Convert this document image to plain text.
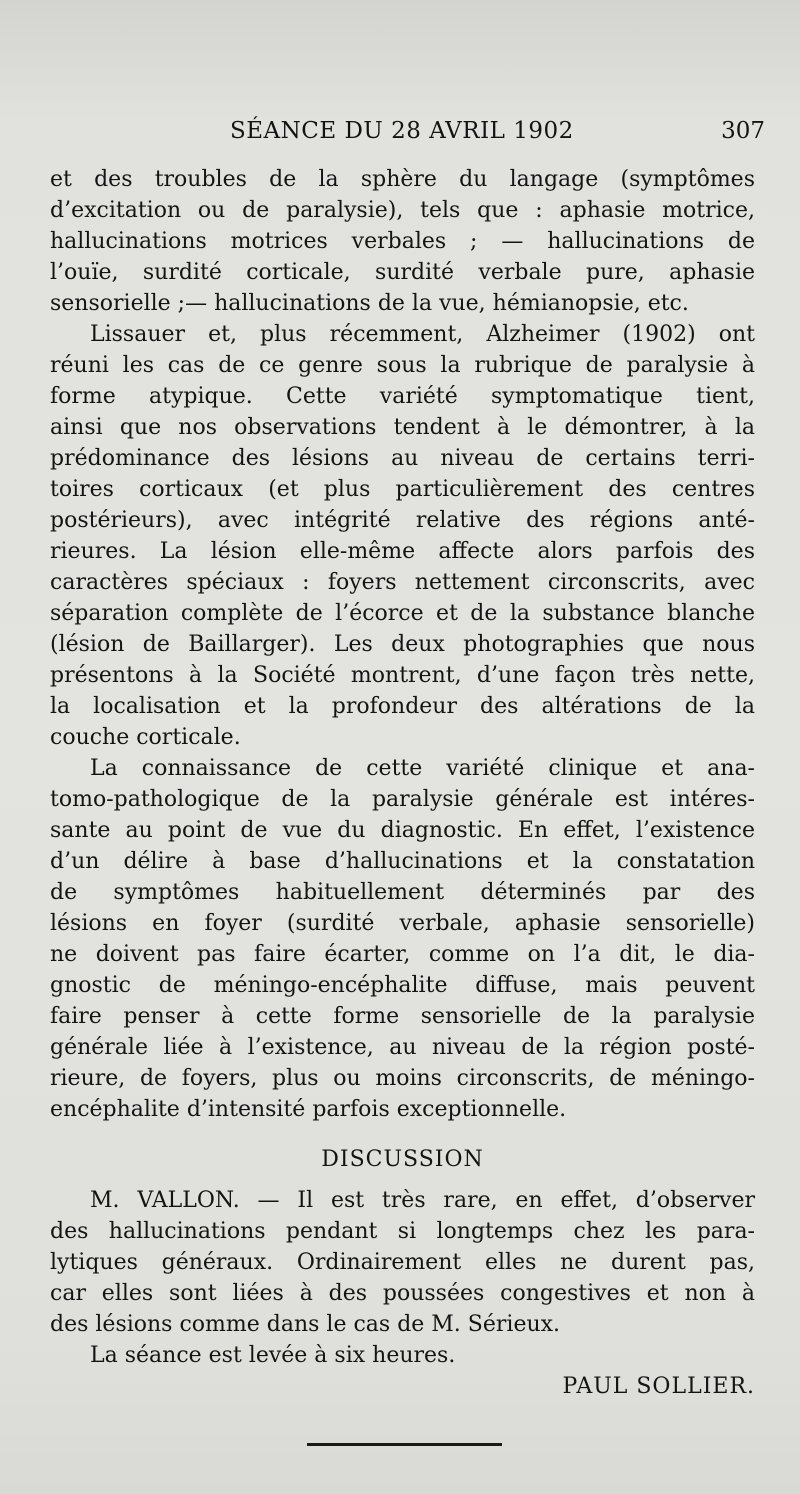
SÉANCE DU 28 AVRIL 1902	307
et des troubles de la sphère du langage (symptômes
d’excitation ou de paralysie), tels que : aphasie motrice,
hallucinations motrices verbales ; — hallucinations de
l’ouïe, surdité corticale, surdité verbale pure, aphasie
sensorielle ;— hallucinations de la vue, hémianopsie, etc.
Lissauer et, plus récemment, Alzheimer (1902) ont
réuni les cas de ce genre sous la rubrique de paralysie à
forme atypique. Cette variété symptomatique tient,
ainsi que nos observations tendent à le démontrer, à la
prédominance des lésions au niveau de certains terri-
toires corticaux (et plus particulièrement des centres
postérieurs), avec intégrité relative des régions anté-
rieures. La lésion elle-même affecte alors parfois des
caractères spéciaux : foyers nettement circonscrits, avec
séparation complète de l’écorce et de la substance blanche
(lésion de Baillarger). Les deux photographies que nous
présentons à la Société montrent, d’une façon très nette,
la localisation et la profondeur des altérations de la
couche corticale.
La connaissance de cette variété clinique et ana-
tomo-pathologique de la paralysie générale est intéres-
sante au point de vue du diagnostic. En effet, l’existence
d’un délire à base d’hallucinations et la constatation
de symptômes habituellement déterminés par des
lésions en foyer (surdité verbale, aphasie sensorielle)
ne doivent pas faire écarter, comme on l’a dit, le dia-
gnostic de méningo-encéphalite diffuse, mais peuvent
faire penser à cette forme sensorielle de la paralysie
générale liée à l’existence, au niveau de la région posté-
rieure, de foyers, plus ou moins circonscrits, de méningo-
encéphalite d’intensité parfois exceptionnelle.
DISCUSSION
M. VALLON. — Il est très rare, en effet, d’observer
des hallucinations pendant si longtemps chez les para-
lytiques généraux. Ordinairement elles ne durent pas,
car elles sont liées à des poussées congestives et non à
des lésions comme dans le cas de M. Sérieux.
La séance est levée à six heures.
PAUL SOLLIER.
